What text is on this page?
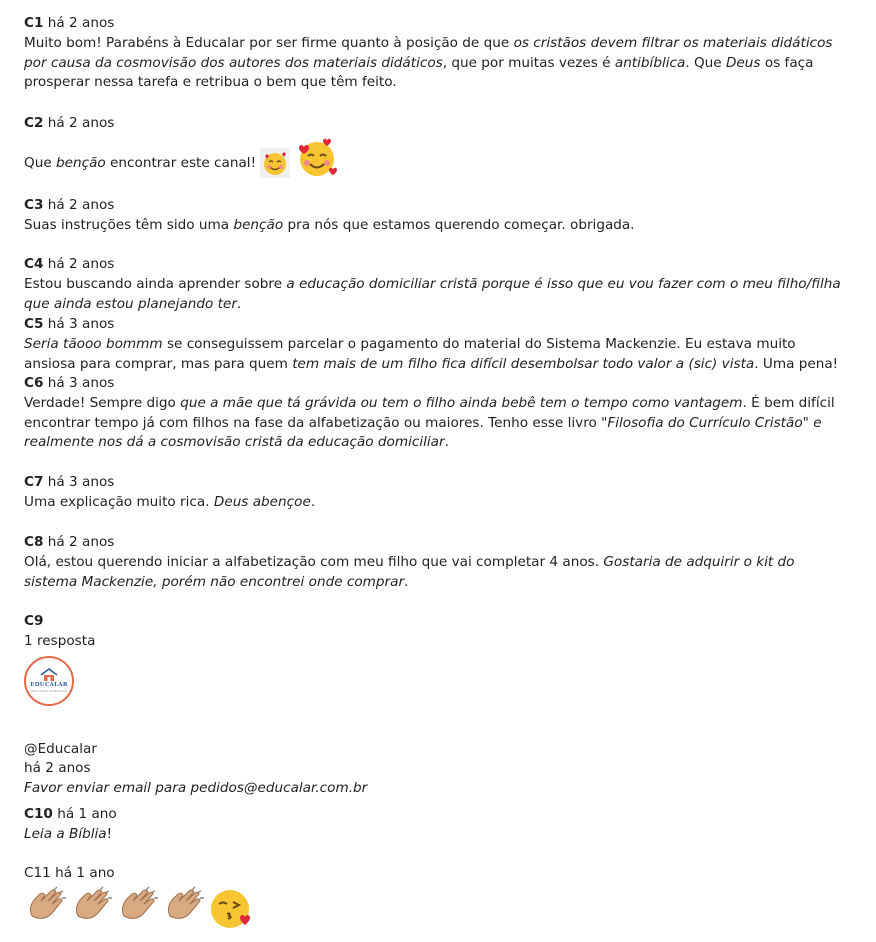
C1 há 2 anos

Muito bom! Parabéns à Educalar por ser firme quanto à posição de que os cristãos devem filtrar os materiais didáticos por causa da cosmovisão dos autores dos materiais didáticos, que por muitas vezes é antibíblica. Que Deus os faça prosperar nessa tarefa e retribua o bem que têm feito.

C2 há 2 anos

Que benção encontrar este canal!

C3 há 2 anos

Suas instruções têm sido uma benção pra nós que estamos querendo começar. obrigada.

C4 há 2 anos

Estou buscando ainda aprender sobre a educação domiciliar cristã porque é isso que eu vou fazer com o meu filho/filha que ainda estou planejando ter.

C5 há 3 anos

Seria tãooo bommm se conseguissem parcelar o pagamento do material do Sistema Mackenzie. Eu estava muito ansiosa para comprar, mas para quem tem mais de um filho fica difícil desembolsar todo valor a (sic) vista. Uma pena!

C6 há 3 anos

Verdade! Sempre digo que a mãe que tá grávida ou tem o filho ainda bebê tem o tempo como vantagem. É bem difícil encontrar tempo já com filhos na fase da alfabetização ou maiores. Tenho esse livro "Filosofia do Currículo Cristão" e realmente nos dá a cosmovisão cristã da educação domiciliar.

C7 há 3 anos

Uma explicação muito rica. Deus abençoe.

C8 há 2 anos

Olá, estou querendo iniciar a alfabetização com meu filho que vai completar 4 anos. Gostaria de adquirir o kit do sistema Mackenzie, porém não encontrei onde comprar.

C9
1 resposta
EDUCALAR
EDUCAÇÃO DOMICILIAR
@Educalar
há 2 anos
Favor enviar email para pedidos@educalar.com.br
C10 há 1 ano

Leia a Bíblia!

C11 há 1 ano
